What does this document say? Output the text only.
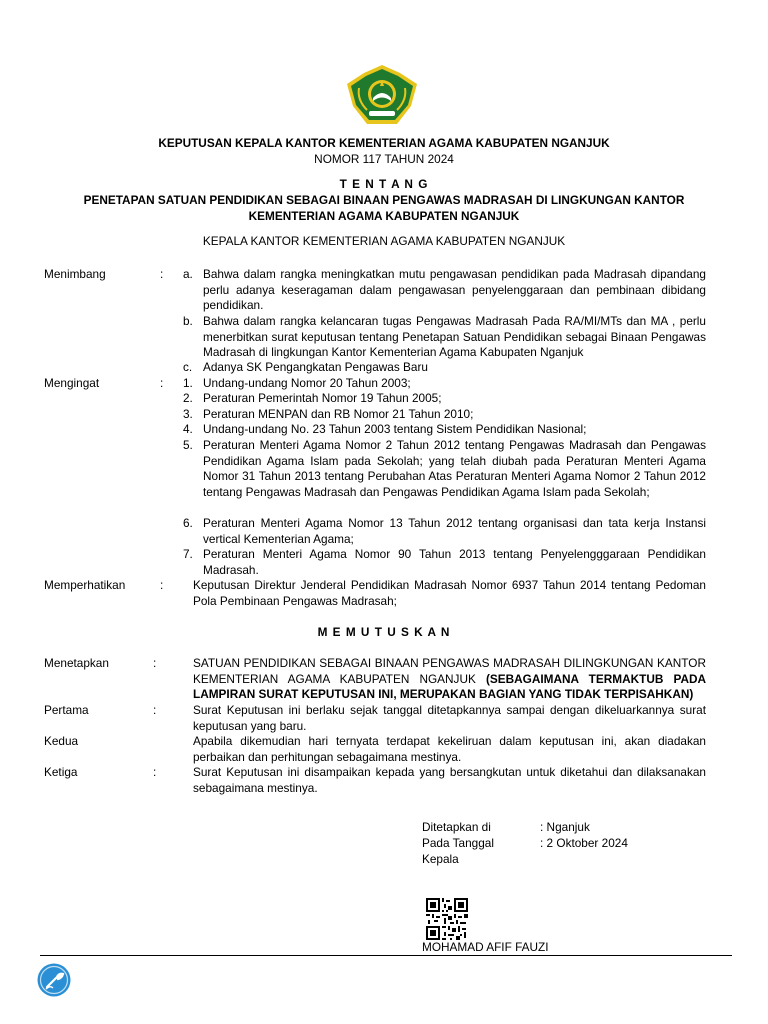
KEPUTUSAN KEPALA KANTOR KEMENTERIAN AGAMA KABUPATEN NGANJUK
NOMOR 117 TAHUN 2024
T E N T A N G
PENETAPAN SATUAN PENDIDIKAN SEBAGAI BINAAN PENGAWAS MADRASAH DI LINGKUNGAN KANTOR
KEMENTERIAN AGAMA KABUPATEN NGANJUK
KEPALA KANTOR KEMENTERIAN AGAMA KABUPATEN NGANJUK
Menimbang	: a. Bahwa dalam rangka meningkatkan mutu pengawasan pendidikan pada Madrasah dipandang perlu adanya keseragaman dalam pengawasan penyelenggaraan dan pembinaan dibidang pendidikan.
b. Bahwa dalam rangka kelancaran tugas Pengawas Madrasah Pada RA/MI/MTs dan MA , perlu menerbitkan surat keputusan tentang Penetapan Satuan Pendidikan sebagai Binaan Pengawas Madrasah di lingkungan Kantor Kementerian Agama Kabupaten Nganjuk
c. Adanya SK Pengangkatan Pengawas Baru
Mengingat	: 1. Undang-undang Nomor 20 Tahun 2003;
2. Peraturan Pemerintah Nomor 19 Tahun 2005;
3. Peraturan MENPAN dan RB Nomor 21 Tahun 2010;
4. Undang-undang No. 23 Tahun 2003 tentang Sistem Pendidikan Nasional;
5. Peraturan Menteri Agama Nomor 2 Tahun 2012 tentang Pengawas Madrasah dan Pengawas Pendidikan Agama Islam pada Sekolah; yang telah diubah pada Peraturan Menteri Agama Nomor 31 Tahun 2013 tentang Perubahan Atas Peraturan Menteri Agama Nomor 2 Tahun 2012 tentang Pengawas Madrasah dan Pengawas Pendidikan Agama Islam pada Sekolah;
6. Peraturan Menteri Agama Nomor 13 Tahun 2012 tentang organisasi dan tata kerja Instansi vertical Kementerian Agama;
7. Peraturan Menteri Agama Nomor 90 Tahun 2013 tentang Penyelengggaraan Pendidikan Madrasah.
Memperhatikan	:	Keputusan Direktur Jenderal Pendidikan Madrasah Nomor 6937 Tahun 2014 tentang Pedoman Pola Pembinaan Pengawas Madrasah;
M E M U T U S K A N
Menetapkan	:	SATUAN PENDIDIKAN SEBAGAI BINAAN PENGAWAS MADRASAH DILINGKUNGAN KANTOR KEMENTERIAN AGAMA KABUPATEN NGANJUK (SEBAGAIMANA TERMAKTUB PADA LAMPIRAN SURAT KEPUTUSAN INI, MERUPAKAN BAGIAN YANG TIDAK TERPISAHKAN)
Pertama	:	Surat Keputusan ini berlaku sejak tanggal ditetapkannya sampai dengan dikeluarkannya surat keputusan yang baru.
Kedua	Apabila dikemudian hari ternyata terdapat kekeliruan dalam keputusan ini, akan diadakan perbaikan dan perhitungan sebagaimana mestinya.
Ketiga	:	Surat Keputusan ini disampaikan kepada yang bersangkutan untuk diketahui dan dilaksanakan sebagaimana mestinya.
Ditetapkan di	: Nganjuk
Pada Tanggal	: 2 Oktober 2024
Kepala
MOHAMAD AFIF FAUZI
